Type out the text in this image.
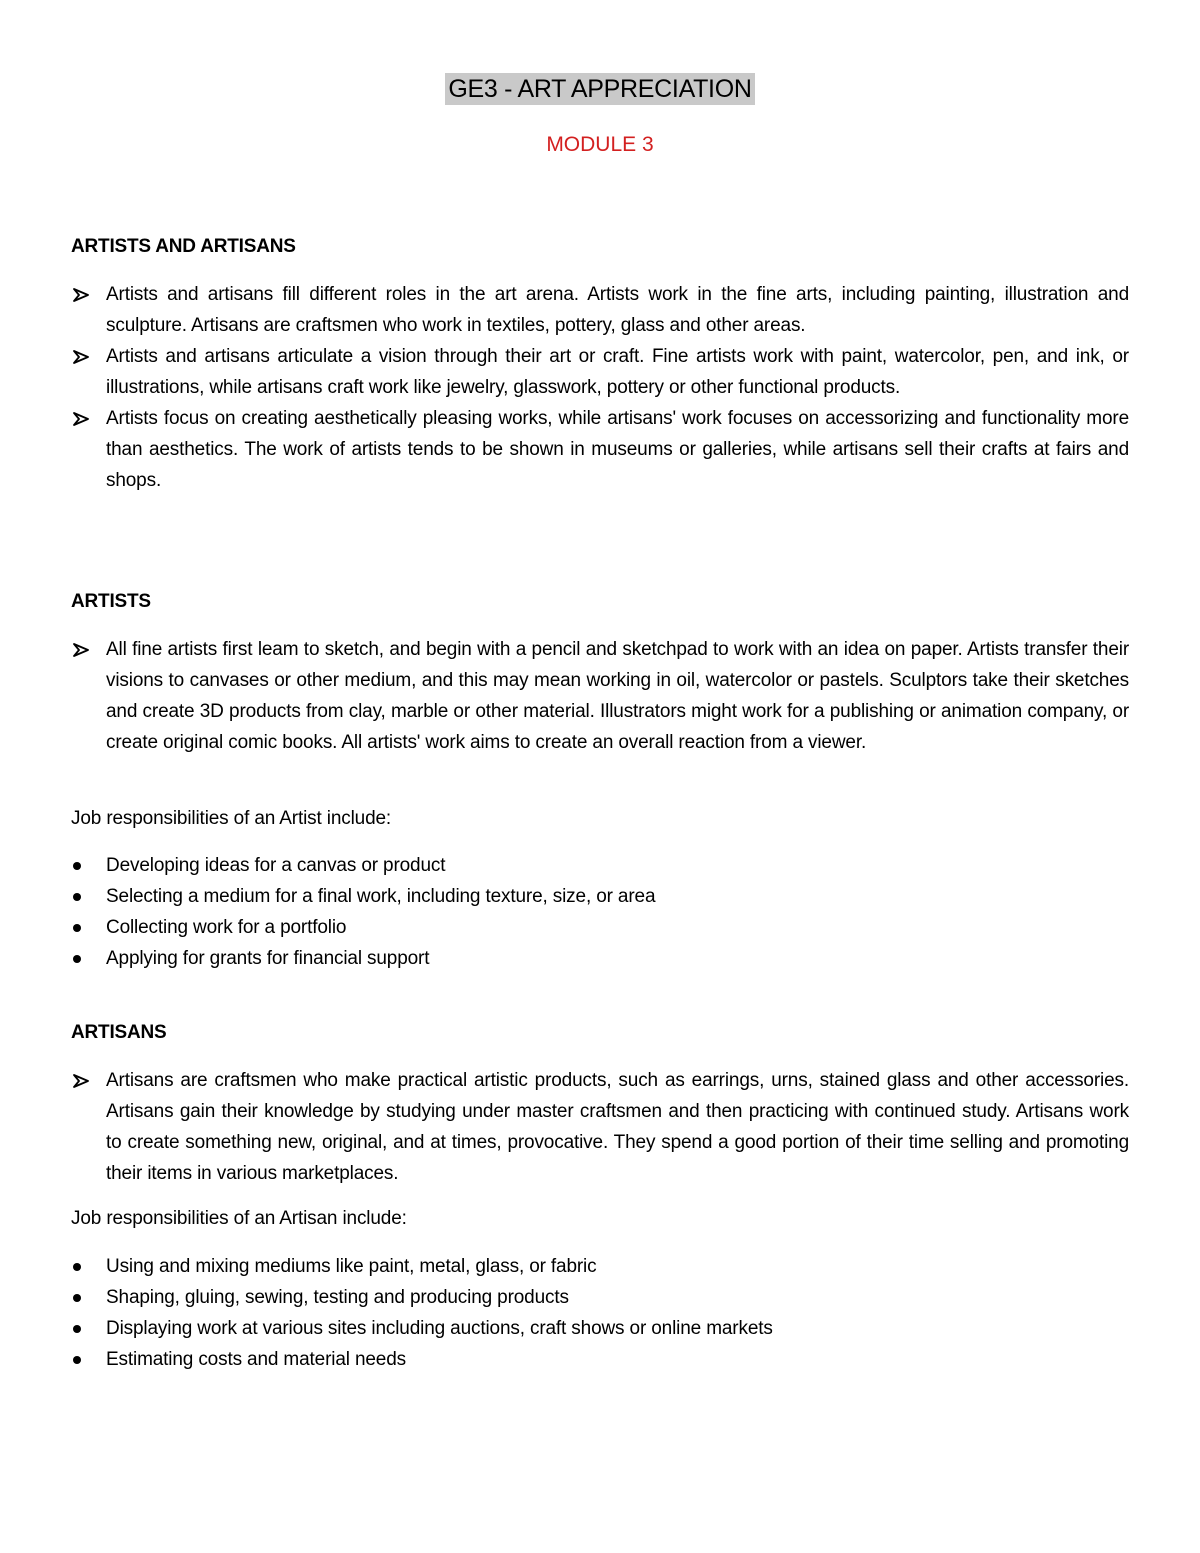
GE3 - ART APPRECIATION
MODULE 3
ARTISTS AND ARTISANS
Artists and artisans fill different roles in the art arena. Artists work in the fine arts, including painting, illustration and sculpture. Artisans are craftsmen who work in textiles, pottery, glass and other areas.
Artists and artisans articulate a vision through their art or craft. Fine artists work with paint, watercolor, pen, and ink, or illustrations, while artisans craft work like jewelry, glasswork, pottery or other functional products.
Artists focus on creating aesthetically pleasing works, while artisans' work focuses on accessorizing and functionality more than aesthetics. The work of artists tends to be shown in museums or galleries, while artisans sell their crafts at fairs and shops.
ARTISTS
All fine artists first leam to sketch, and begin with a pencil and sketchpad to work with an idea on paper. Artists transfer their visions to canvases or other medium, and this may mean working in oil, watercolor or pastels. Sculptors take their sketches and create 3D products from clay, marble or other material. Illustrators might work for a publishing or animation company, or create original comic books. All artists' work aims to create an overall reaction from a viewer.
Job responsibilities of an Artist include:
Developing ideas for a canvas or product
Selecting a medium for a final work, including texture, size, or area
Collecting work for a portfolio
Applying for grants for financial support
ARTISANS
Artisans are craftsmen who make practical artistic products, such as earrings, urns, stained glass and other accessories. Artisans gain their knowledge by studying under master craftsmen and then practicing with continued study. Artisans work to create something new, original, and at times, provocative. They spend a good portion of their time selling and promoting their items in various marketplaces.
Job responsibilities of an Artisan include:
Using and mixing mediums like paint, metal, glass, or fabric
Shaping, gluing, sewing, testing and producing products
Displaying work at various sites including auctions, craft shows or online markets
Estimating costs and material needs
